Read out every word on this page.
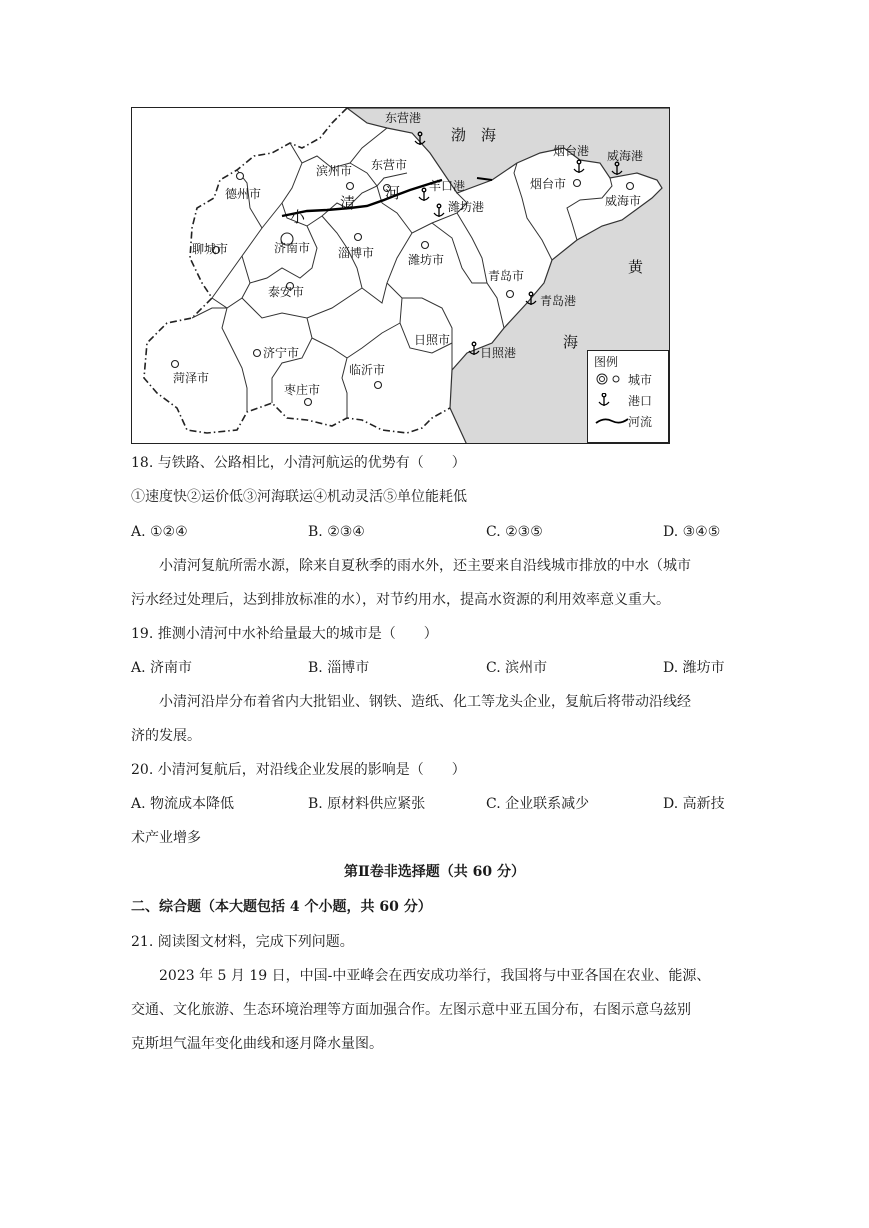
渤　海
黄
海
小
清
河
东营港
羊口港
潍坊港
烟台港 威海港
青岛港
日照港
德州市
滨州市 东营市
济南市
聊城市	淄博市	潍坊市
泰安市
济宁市
菏泽市
枣庄市
临沂市
日照市
青岛市
烟台市
威海市
图例
城市
港口
河流
18. 与铁路、公路相比，小清河航运的优势有（　　）
①速度快②运价低③河海联运④机动灵活⑤单位能耗低
A. ①②④	B. ②③④	C. ②③⑤	D. ③④⑤
小清河复航所需水源，除来自夏秋季的雨水外，还主要来自沿线城市排放的中水（城市
污水经过处理后，达到排放标准的水），对节约用水，提高水资源的利用效率意义重大。
19. 推测小清河中水补给量最大的城市是（　　）
A. 济南市	B. 淄博市	C. 滨州市	D. 潍坊市
小清河沿岸分布着省内大批铝业、钢铁、造纸、化工等龙头企业，复航后将带动沿线经
济的发展。
20. 小清河复航后，对沿线企业发展的影响是（　　）
A. 物流成本降低	B. 原材料供应紧张	C. 企业联系减少	D. 高新技
术产业增多
第Ⅱ卷非选择题（共 60 分）
二、综合题（本大题包括 4 个小题，共 60 分）
21. 阅读图文材料，完成下列问题。
2023 年 5 月 19 日，中国-中亚峰会在西安成功举行，我国将与中亚各国在农业、能源、
交通、文化旅游、生态环境治理等方面加强合作。左图示意中亚五国分布，右图示意乌兹别
克斯坦气温年变化曲线和逐月降水量图。
